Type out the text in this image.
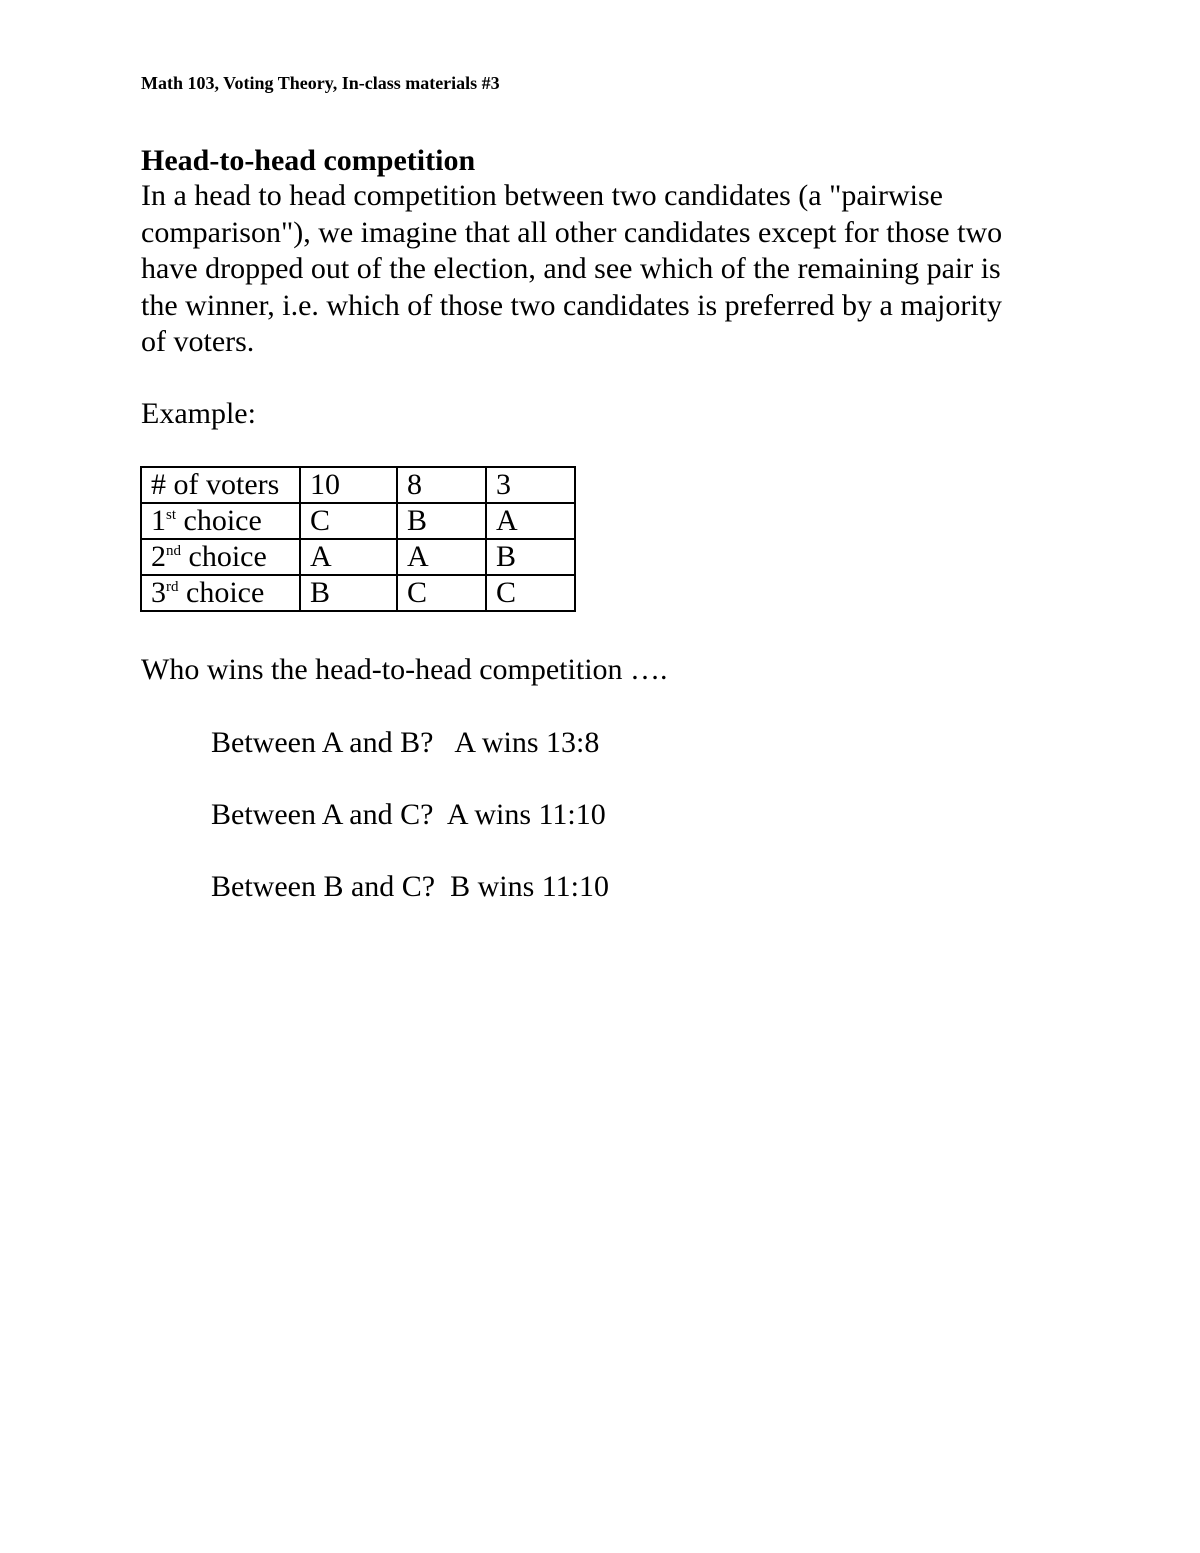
Math 103, Voting Theory, In-class materials #3
Head-to-head competition
In a head to head competition between two candidates (a "pairwise
comparison"), we imagine that all other candidates except for those two
have dropped out of the election, and see which of the remaining pair is
the winner, i.e. which of those two candidates is preferred by a majority
of voters.
Example:
# of voters	10	8	3
1st choice	C	B	A
2nd choice	A	A	B
3rd choice	B	C	C
Who wins the head-to-head competition ….
Between A and B? A wins 13:8
Between A and C? A wins 11:10
Between B and C? B wins 11:10
